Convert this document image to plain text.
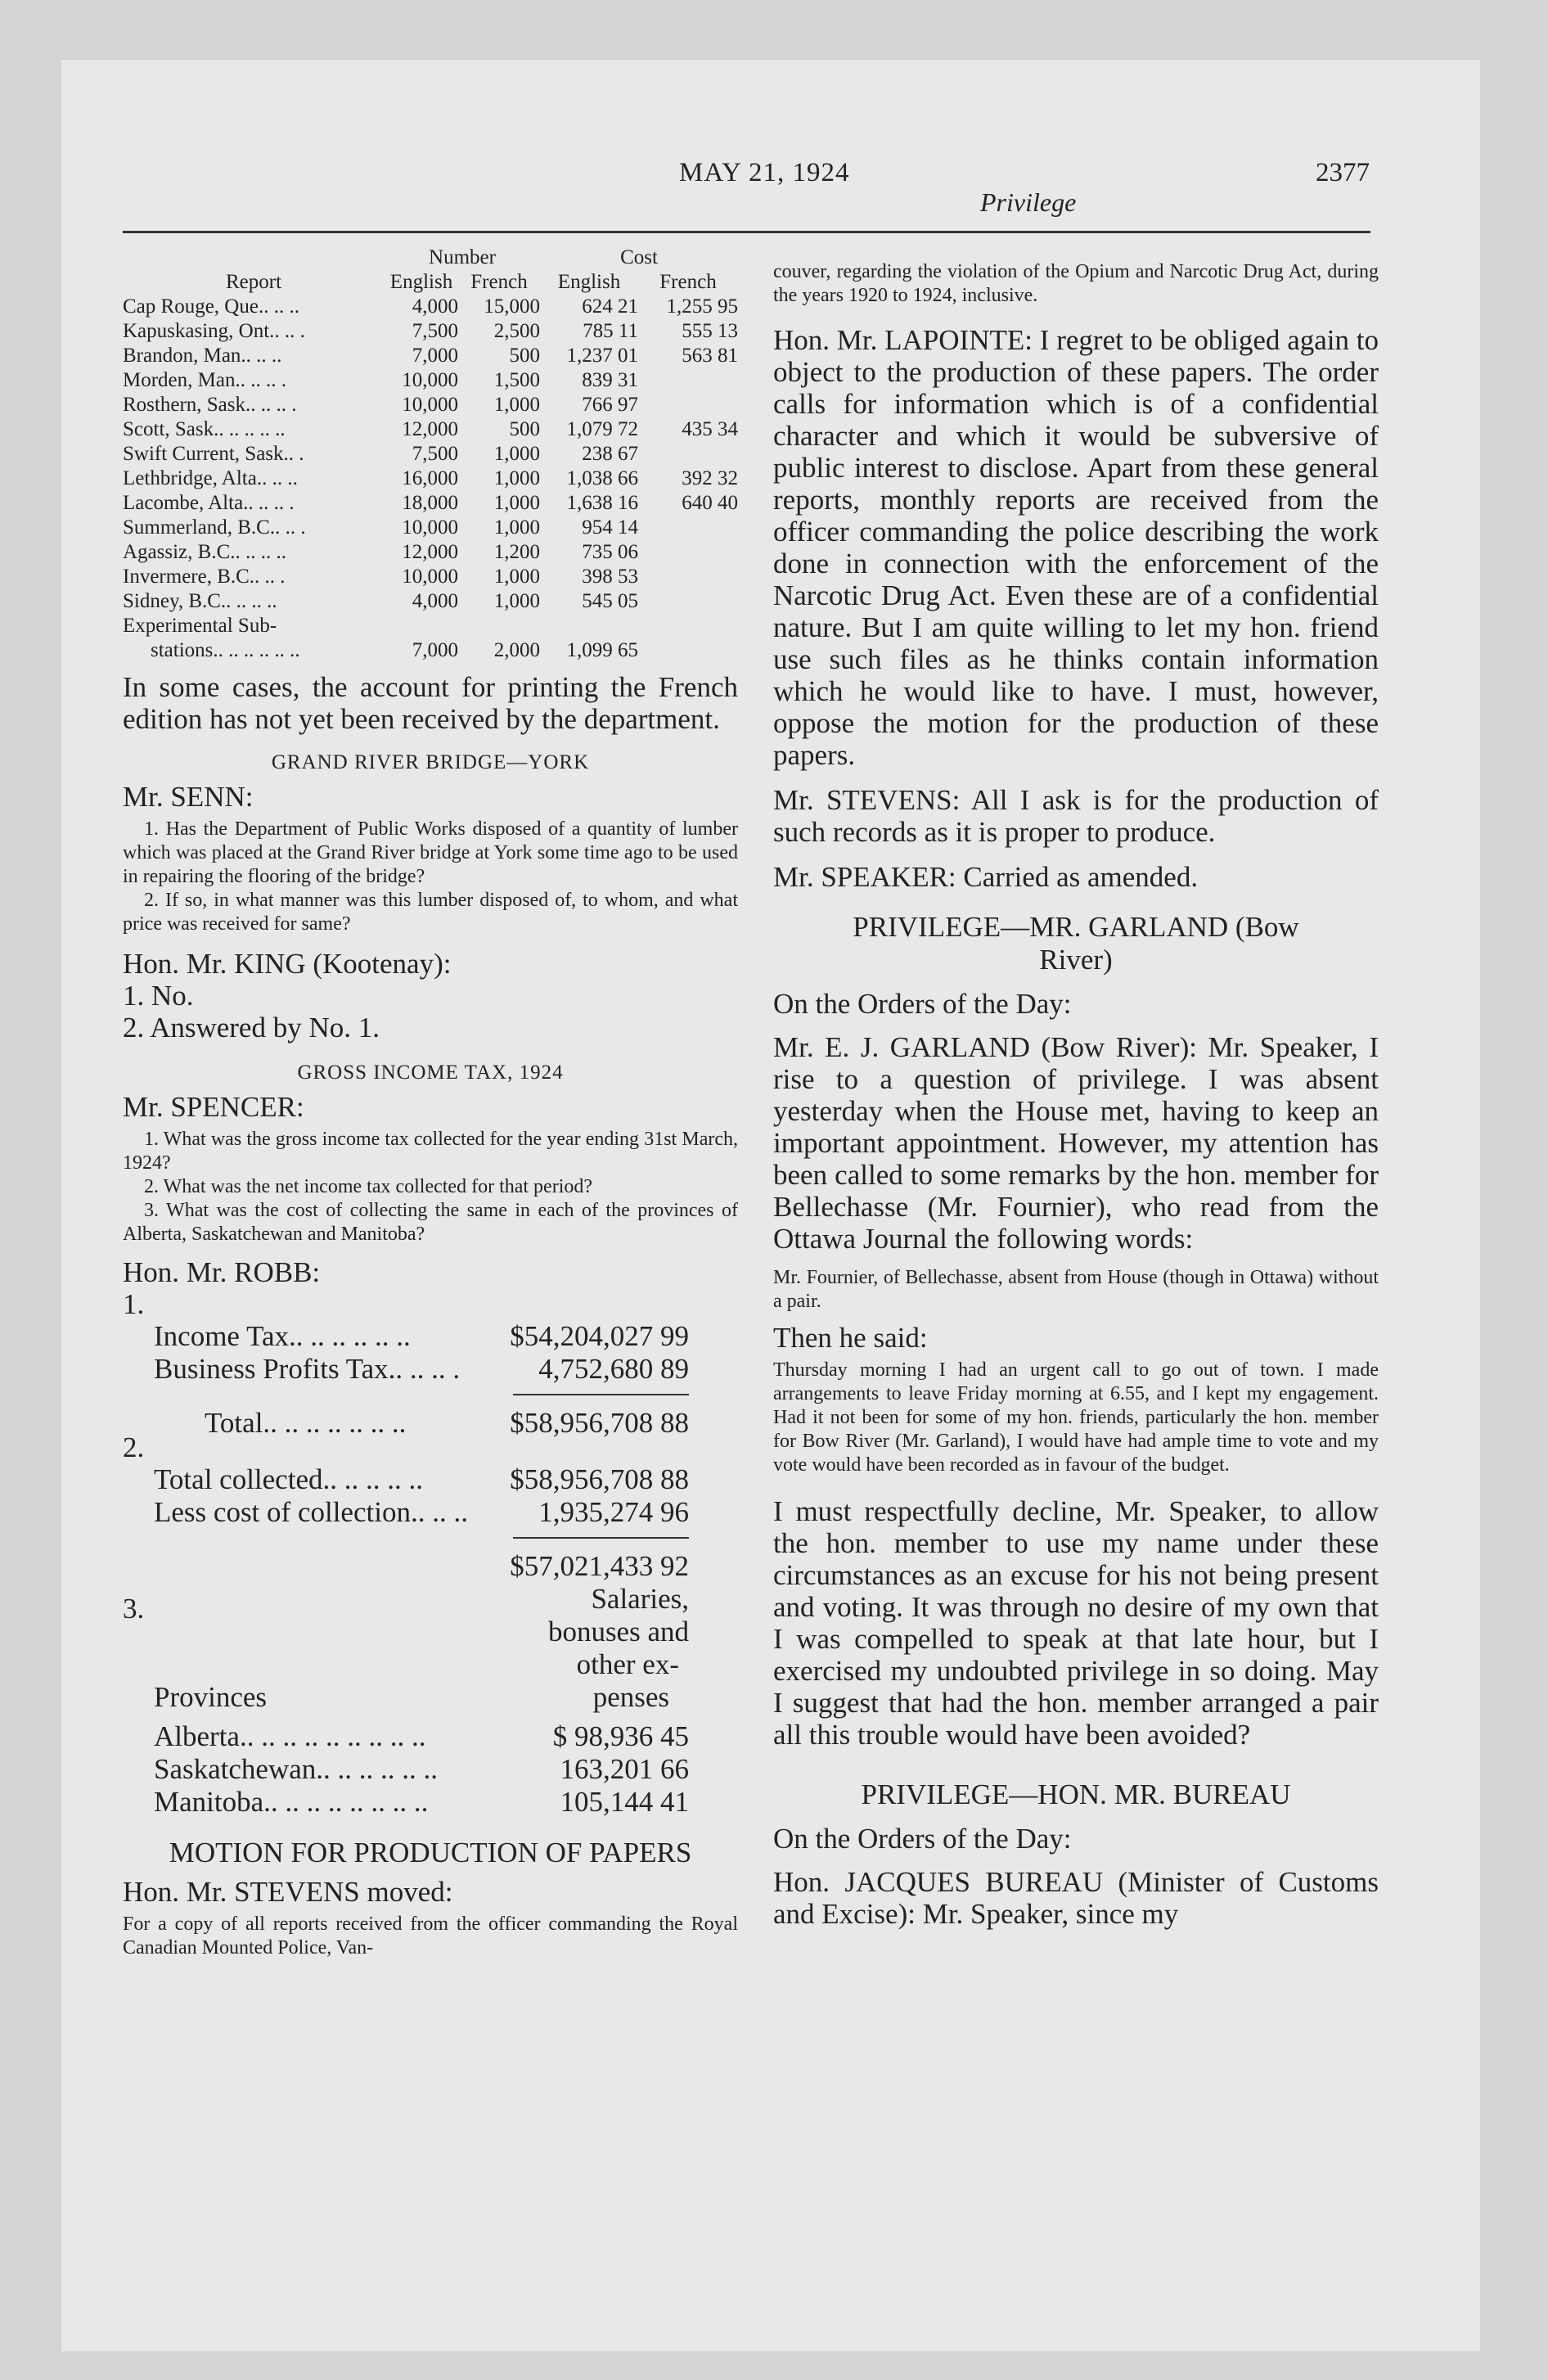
MAY 21, 1924	2377
Privilege
	Number		Cost	
Report	English	French	English	French
Cap Rouge, Que.. .. ..	4,000	15,000	624 21	1,255 95
Kapuskasing, Ont.. .. .	7,500	2,500	785 11	555 13
Brandon, Man.. .. ..	7,000	500	1,237 01	563 81
Morden, Man.. .. .. .	10,000	1,500	839 31	
Rosthern, Sask.. .. .. .	10,000	1,000	766 97	
Scott, Sask.. .. .. .. ..	12,000	500	1,079 72	435 34
Swift Current, Sask.. .	7,500	1,000	238 67	
Lethbridge, Alta.. .. ..	16,000	1,000	1,038 66	392 32
Lacombe, Alta.. .. .. .	18,000	1,000	1,638 16	640 40
Summerland, B.C.. .. .	10,000	1,000	954 14	
Agassiz, B.C.. .. .. ..	12,000	1,200	735 06	
Invermere, B.C.. .. .	10,000	1,000	398 53	
Sidney, B.C.. .. .. ..	4,000	1,000	545 05	
Experimental Sub-				
stations.. .. .. .. .. ..	7,000	2,000	1,099 65	

In some cases, the account for printing the French edition has not yet been received by the department.

GRAND RIVER BRIDGE—YORK

Mr. SENN:

1. Has the Department of Public Works disposed of a quantity of lumber which was placed at the Grand River bridge at York some time ago to be used in repairing the flooring of the bridge?

2. If so, in what manner was this lumber disposed of, to whom, and what price was received for same?

Hon. Mr. KING (Kootenay):

1. No.

2. Answered by No. 1.

GROSS INCOME TAX, 1924

Mr. SPENCER:

1. What was the gross income tax collected for the year ending 31st March, 1924?

2. What was the net income tax collected for that period?

3. What was the cost of collecting the same in each of the provinces of Alberta, Saskatchewan and Manitoba?

Hon. Mr. ROBB:

1.

Income Tax.. .. .. .. .. ..	$54,204,027 99
Business Profits Tax.. .. .. .	4,752,680 89
Total.. .. .. .. .. .. ..	$58,956,708 88

2.

Total collected.. .. .. .. ..	$58,956,708 88
Less cost of collection.. .. .. 1,935,274 96
$57,021,433 92
3.	Salaries,
bonuses and
other ex-
penses
Provinces
Alberta.. .. .. .. .. .. .. .. ..	$ 98,936 45
Saskatchewan.. .. .. .. .. ..	163,201 66
Manitoba.. .. .. .. .. .. .. ..	105,144 41

MOTION FOR PRODUCTION OF PAPERS

Hon. Mr. STEVENS moved:

For a copy of all reports received from the officer commanding the Royal Canadian Mounted Police, Van-

couver, regarding the violation of the Opium and Narcotic Drug Act, during the years 1920 to 1924, inclusive.

Hon. Mr. LAPOINTE: I regret to be obliged again to object to the production of these papers. The order calls for information which is of a confidential character and which it would be subversive of public interest to disclose. Apart from these general reports, monthly reports are received from the officer commanding the police describing the work done in connection with the enforcement of the Narcotic Drug Act. Even these are of a confidential nature. But I am quite willing to let my hon. friend use such files as he thinks contain information which he would like to have. I must, however, oppose the motion for the production of these papers.

Mr. STEVENS: All I ask is for the production of such records as it is proper to produce.

Mr. SPEAKER: Carried as amended.

PRIVILEGE—MR. GARLAND (Bow River)

On the Orders of the Day:

Mr. E. J. GARLAND (Bow River): Mr. Speaker, I rise to a question of privilege. I was absent yesterday when the House met, having to keep an important appointment. However, my attention has been called to some remarks by the hon. member for Bellechasse (Mr. Fournier), who read from the Ottawa Journal the following words:

Mr. Fournier, of Bellechasse, absent from House (though in Ottawa) without a pair.

Then he said:

Thursday morning I had an urgent call to go out of town. I made arrangements to leave Friday morning at 6.55, and I kept my engagement. Had it not been for some of my hon. friends, particularly the hon. member for Bow River (Mr. Garland), I would have had ample time to vote and my vote would have been recorded as in favour of the budget.

I must respectfully decline, Mr. Speaker, to allow the hon. member to use my name under these circumstances as an excuse for his not being present and voting. It was through no desire of my own that I was compelled to speak at that late hour, but I exercised my undoubted privilege in so doing. May I suggest that had the hon. member arranged a pair all this trouble would have been avoided?

PRIVILEGE—HON. MR. BUREAU

On the Orders of the Day:

Hon. JACQUES BUREAU (Minister of Customs and Excise): Mr. Speaker, since my
